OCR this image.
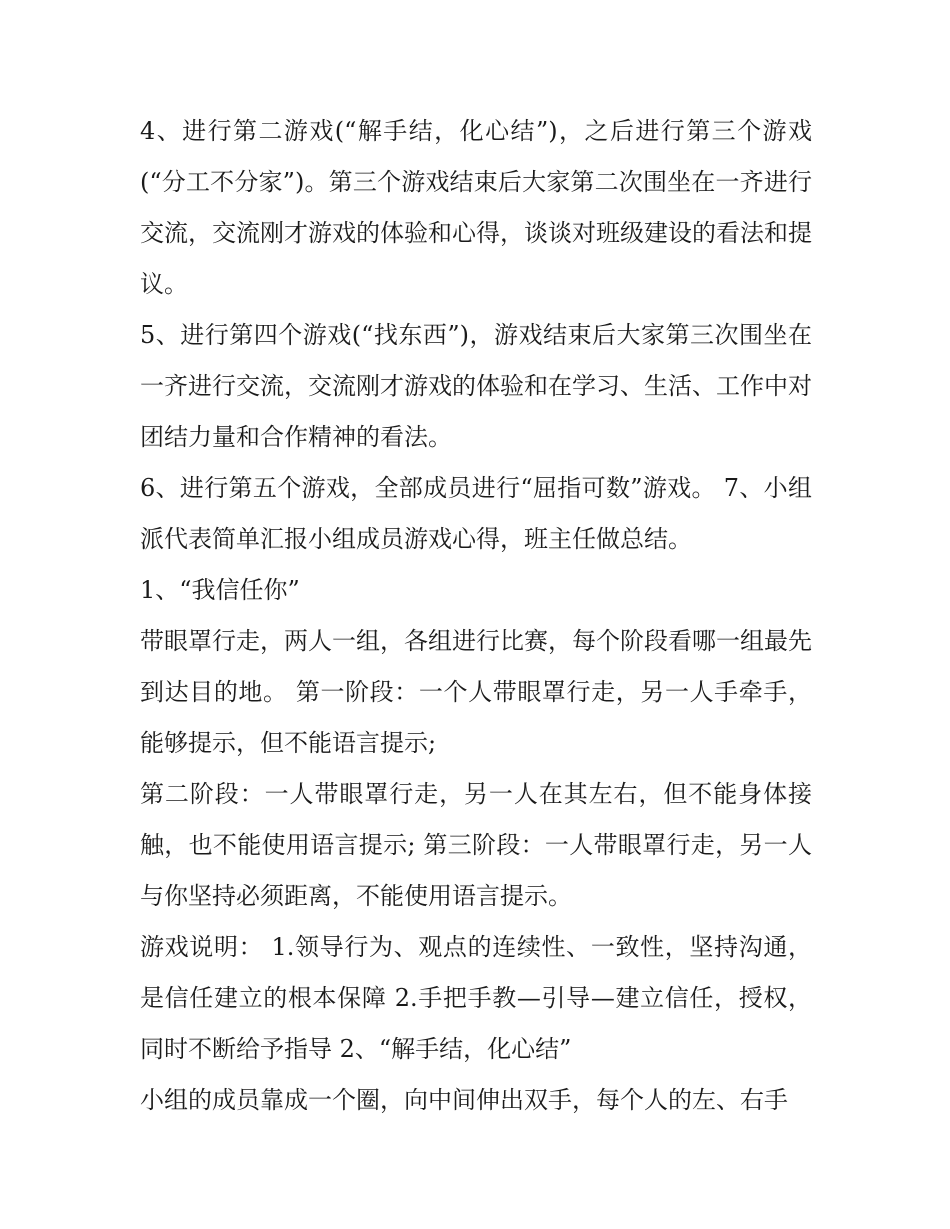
4、进行第二游戏(“解手结，化心结”)，之后进行第三个游戏(“分工不分家”)。第三个游戏结束后大家第二次围坐在一齐进行交流，交流刚才游戏的体验和心得，谈谈对班级建设的看法和提议。

5、进行第四个游戏(“找东西”)，游戏结束后大家第三次围坐在一齐进行交流，交流刚才游戏的体验和在学习、生活、工作中对团结力量和合作精神的看法。

6、进行第五个游戏，全部成员进行“屈指可数”游戏。 7、小组派代表简单汇报小组成员游戏心得，班主任做总结。

1、“我信任你”

带眼罩行走，两人一组，各组进行比赛，每个阶段看哪一组最先到达目的地。 第一阶段：一个人带眼罩行走，另一人手牵手，能够提示，但不能语言提示;

第二阶段：一人带眼罩行走，另一人在其左右，但不能身体接触，也不能使用语言提示; 第三阶段：一人带眼罩行走，另一人与你坚持必须距离，不能使用语言提示。

游戏说明： 1.领导行为、观点的连续性、一致性，坚持沟通，是信任建立的根本保障 2.手把手教—引导—建立信任，授权，同时不断给予指导 2、“解手结，化心结”

小组的成员靠成一个圈，向中间伸出双手，每个人的左、右手
